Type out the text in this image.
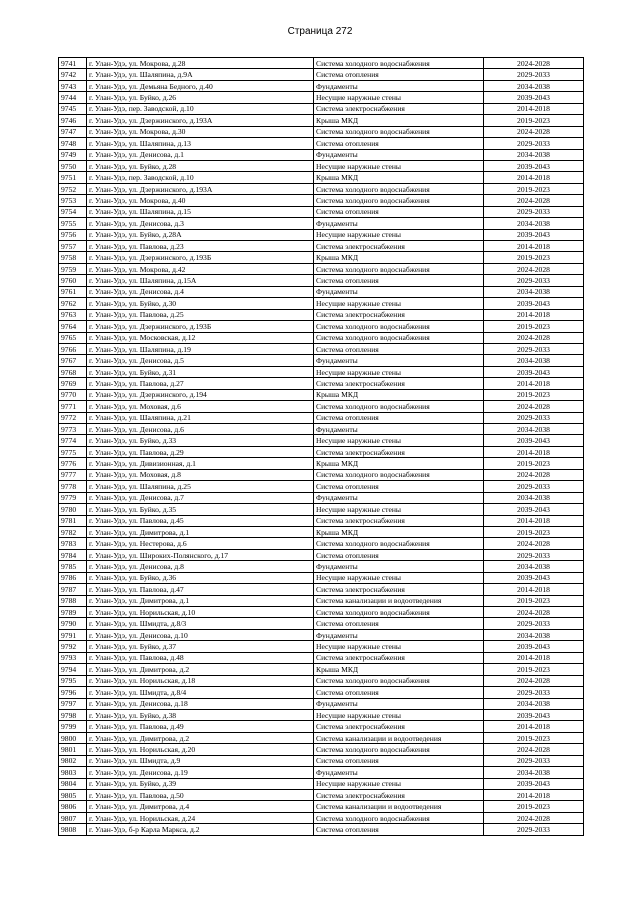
Страница 272
9741	г. Улан-Удэ, ул. Мокрова, д.28	Система холодного водоснабжения	2024-2028
9742	г. Улан-Удэ, ул. Шаляпина, д.9А	Система отопления	2029-2033
9743	г. Улан-Удэ, ул. Демьяна Бедного, д.40	Фундаменты	2034-2038
9744	г. Улан-Удэ, ул. Буйко, д.26	Несущие наружные стены	2039-2043
9745	г. Улан-Удэ, пер. Заводской, д.10	Система электроснабжения	2014-2018
9746	г. Улан-Удэ, ул. Дзержинского, д.193А	Крыша МКД	2019-2023
9747	г. Улан-Удэ, ул. Мокрова, д.30	Система холодного водоснабжения	2024-2028
9748	г. Улан-Удэ, ул. Шаляпина, д.13	Система отопления	2029-2033
9749	г. Улан-Удэ, ул. Денисова, д.1	Фундаменты	2034-2038
9750	г. Улан-Удэ, ул. Буйко, д.28	Несущие наружные стены	2039-2043
9751	г. Улан-Удэ, пер. Заводской, д.10	Крыша МКД	2014-2018
9752	г. Улан-Удэ, ул. Дзержинского, д.193А	Система холодного водоснабжения	2019-2023
9753	г. Улан-Удэ, ул. Мокрова, д.40	Система холодного водоснабжения	2024-2028
9754	г. Улан-Удэ, ул. Шаляпина, д.15	Система отопления	2029-2033
9755	г. Улан-Удэ, ул. Денисова, д.3	Фундаменты	2034-2038
9756	г. Улан-Удэ, ул. Буйко, д.28А	Несущие наружные стены	2039-2043
9757	г. Улан-Удэ, ул. Павлова, д.23	Система электроснабжения	2014-2018
9758	г. Улан-Удэ, ул. Дзержинского, д.193Б	Крыша МКД	2019-2023
9759	г. Улан-Удэ, ул. Мокрова, д.42	Система холодного водоснабжения	2024-2028
9760	г. Улан-Удэ, ул. Шаляпина, д.15А	Система отопления	2029-2033
9761	г. Улан-Удэ, ул. Денисова, д.4	Фундаменты	2034-2038
9762	г. Улан-Удэ, ул. Буйко, д.30	Несущие наружные стены	2039-2043
9763	г. Улан-Удэ, ул. Павлова, д.25	Система электроснабжения	2014-2018
9764	г. Улан-Удэ, ул. Дзержинского, д.193Б	Система холодного водоснабжения	2019-2023
9765	г. Улан-Удэ, ул. Московская, д.12	Система холодного водоснабжения	2024-2028
9766	г. Улан-Удэ, ул. Шаляпина, д.19	Система отопления	2029-2033
9767	г. Улан-Удэ, ул. Денисова, д.5	Фундаменты	2034-2038
9768	г. Улан-Удэ, ул. Буйко, д.31	Несущие наружные стены	2039-2043
9769	г. Улан-Удэ, ул. Павлова, д.27	Система электроснабжения	2014-2018
9770	г. Улан-Удэ, ул. Дзержинского, д.194	Крыша МКД	2019-2023
9771	г. Улан-Удэ, ул. Моховая, д.6	Система холодного водоснабжения	2024-2028
9772	г. Улан-Удэ, ул. Шаляпина, д.21	Система отопления	2029-2033
9773	г. Улан-Удэ, ул. Денисова, д.6	Фундаменты	2034-2038
9774	г. Улан-Удэ, ул. Буйко, д.33	Несущие наружные стены	2039-2043
9775	г. Улан-Удэ, ул. Павлова, д.29	Система электроснабжения	2014-2018
9776	г. Улан-Удэ, ул. Дивизионная, д.1	Крыша МКД	2019-2023
9777	г. Улан-Удэ, ул. Моховая, д.8	Система холодного водоснабжения	2024-2028
9778	г. Улан-Удэ, ул. Шаляпина, д.25	Система отопления	2029-2033
9779	г. Улан-Удэ, ул. Денисова, д.7	Фундаменты	2034-2038
9780	г. Улан-Удэ, ул. Буйко, д.35	Несущие наружные стены	2039-2043
9781	г. Улан-Удэ, ул. Павлова, д.45	Система электроснабжения	2014-2018
9782	г. Улан-Удэ, ул. Димитрова, д.1	Крыша МКД	2019-2023
9783	г. Улан-Удэ, ул. Нестерова, д.6	Система холодного водоснабжения	2024-2028
9784	г. Улан-Удэ, ул. Широких-Полянского, д.17	Система отопления	2029-2033
9785	г. Улан-Удэ, ул. Денисова, д.8	Фундаменты	2034-2038
9786	г. Улан-Удэ, ул. Буйко, д.36	Несущие наружные стены	2039-2043
9787	г. Улан-Удэ, ул. Павлова, д.47	Система электроснабжения	2014-2018
9788	г. Улан-Удэ, ул. Димитрова, д.1	Система канализации и водоотведения	2019-2023
9789	г. Улан-Удэ, ул. Норильская, д.10	Система холодного водоснабжения	2024-2028
9790	г. Улан-Удэ, ул. Шмидта, д.8/3	Система отопления	2029-2033
9791	г. Улан-Удэ, ул. Денисова, д.10	Фундаменты	2034-2038
9792	г. Улан-Удэ, ул. Буйко, д.37	Несущие наружные стены	2039-2043
9793	г. Улан-Удэ, ул. Павлова, д.48	Система электроснабжения	2014-2018
9794	г. Улан-Удэ, ул. Димитрова, д.2	Крыша МКД	2019-2023
9795	г. Улан-Удэ, ул. Норильская, д.18	Система холодного водоснабжения	2024-2028
9796	г. Улан-Удэ, ул. Шмидта, д.8/4	Система отопления	2029-2033
9797	г. Улан-Удэ, ул. Денисова, д.18	Фундаменты	2034-2038
9798	г. Улан-Удэ, ул. Буйко, д.38	Несущие наружные стены	2039-2043
9799	г. Улан-Удэ, ул. Павлова, д.49	Система электроснабжения	2014-2018
9800	г. Улан-Удэ, ул. Димитрова, д.2	Система канализации и водоотведения	2019-2023
9801	г. Улан-Удэ, ул. Норильская, д.20	Система холодного водоснабжения	2024-2028
9802	г. Улан-Удэ, ул. Шмидта, д.9	Система отопления	2029-2033
9803	г. Улан-Удэ, ул. Денисова, д.19	Фундаменты	2034-2038
9804	г. Улан-Удэ, ул. Буйко, д.39	Несущие наружные стены	2039-2043
9805	г. Улан-Удэ, ул. Павлова, д.50	Система электроснабжения	2014-2018
9806	г. Улан-Удэ, ул. Димитрова, д.4	Система канализации и водоотведения	2019-2023
9807	г. Улан-Удэ, ул. Норильская, д.24	Система холодного водоснабжения	2024-2028
9808	г. Улан-Удэ, б-р Карла Маркса, д.2	Система отопления	2029-2033
